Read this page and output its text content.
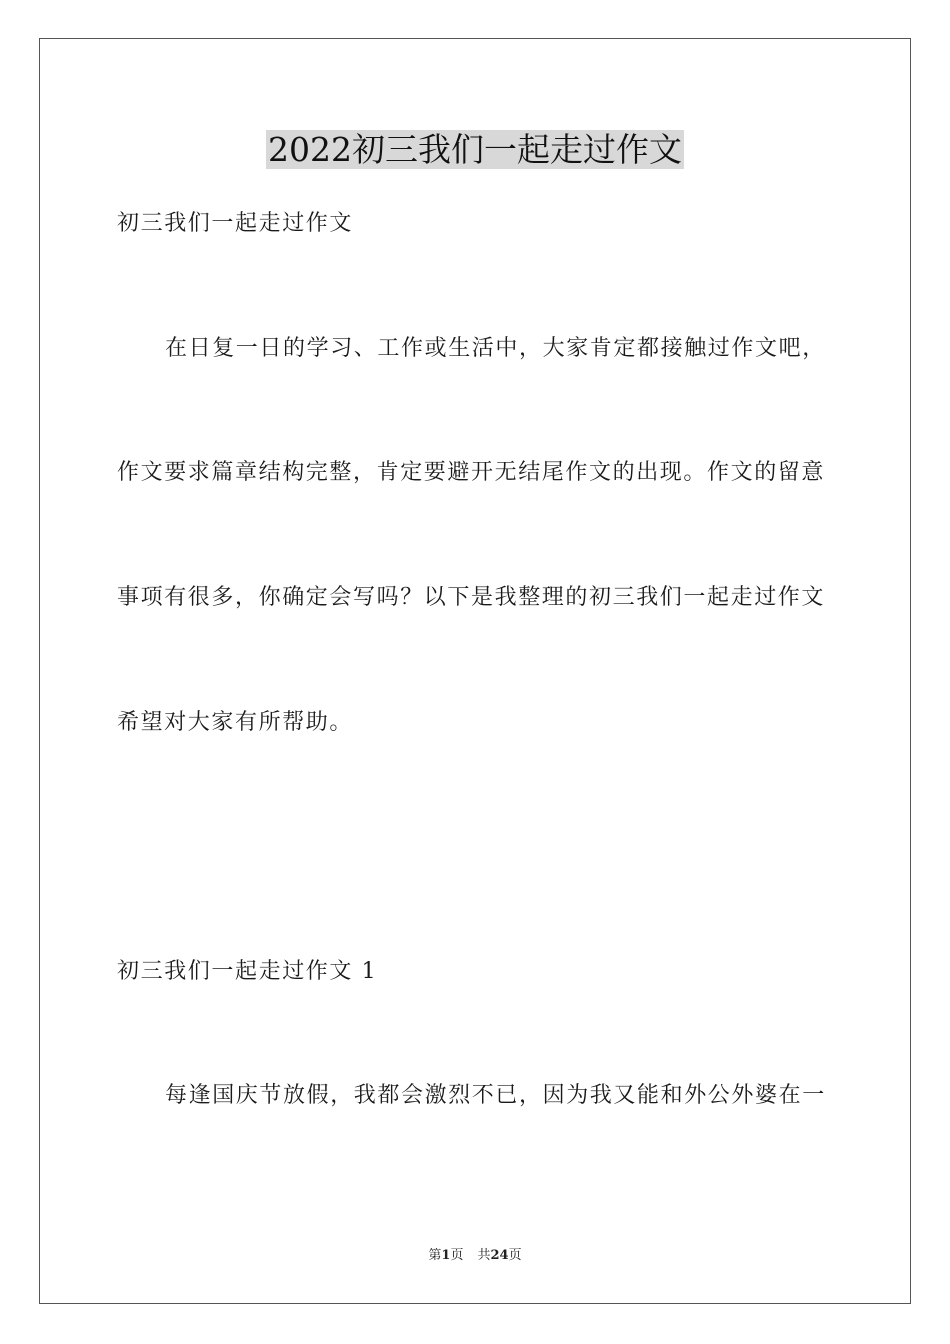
2022初三我们一起走过作文
初三我们一起走过作文
在日复一日的学习、工作或生活中，大家肯定都接触过作文吧，
作文要求篇章结构完整，肯定要避开无结尾作文的出现。作文的留意
事项有很多，你确定会写吗？以下是我整理的初三我们一起走过作文
希望对大家有所帮助。
初三我们一起走过作文 1
每逢国庆节放假，我都会激烈不已，因为我又能和外公外婆在一
第1页 共24页
